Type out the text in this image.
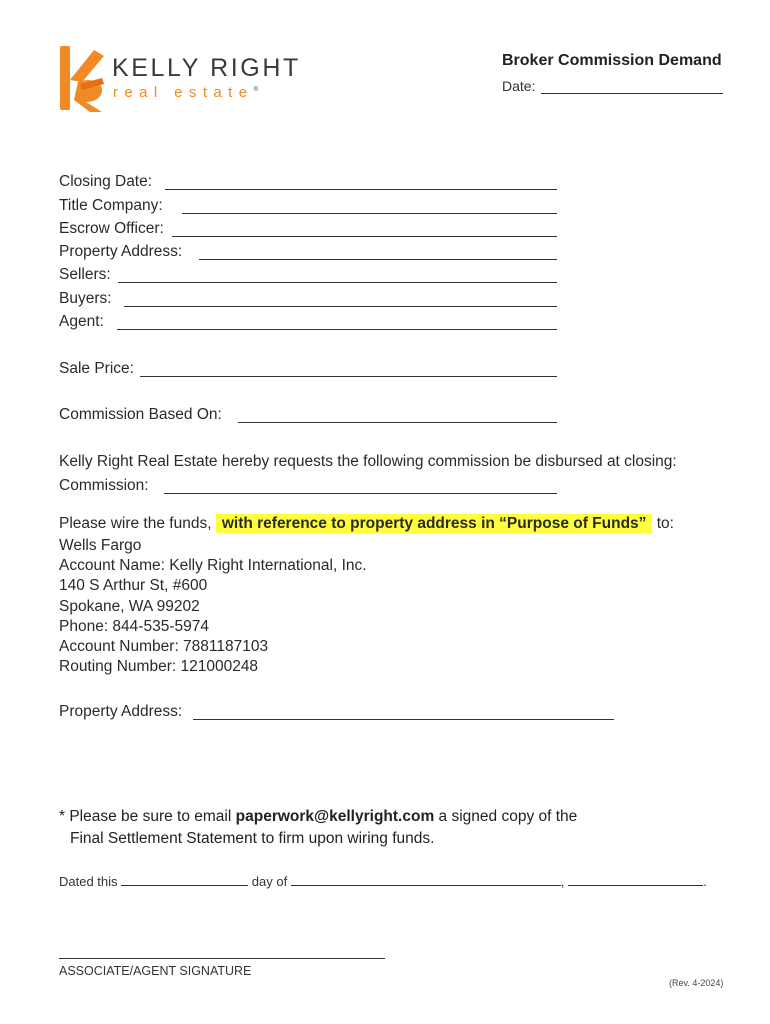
KELLY RIGHT
real estate®
Broker Commission Demand
Date:
Closing Date:
Title Company:
Escrow Officer:
Property Address:
Sellers:
Buyers:
Agent:
Sale Price:
Commission Based On:
Kelly Right Real Estate hereby requests the following commission be disbursed at closing:
Commission:
Please wire the funds, with reference to property address in “Purpose of Funds” to:
Wells Fargo
Account Name: Kelly Right International, Inc.
140 S Arthur St, #600
Spokane, WA 99202
Phone: 844-535-5974
Account Number: 7881187103
Routing Number: 121000248
Property Address:
* Please be sure to email paperwork@kellyright.com a signed copy of the
Final Settlement Statement to firm upon wiring funds.
Dated this	day of	,	.
ASSOCIATE/AGENT SIGNATURE
(Rev. 4-2024)
